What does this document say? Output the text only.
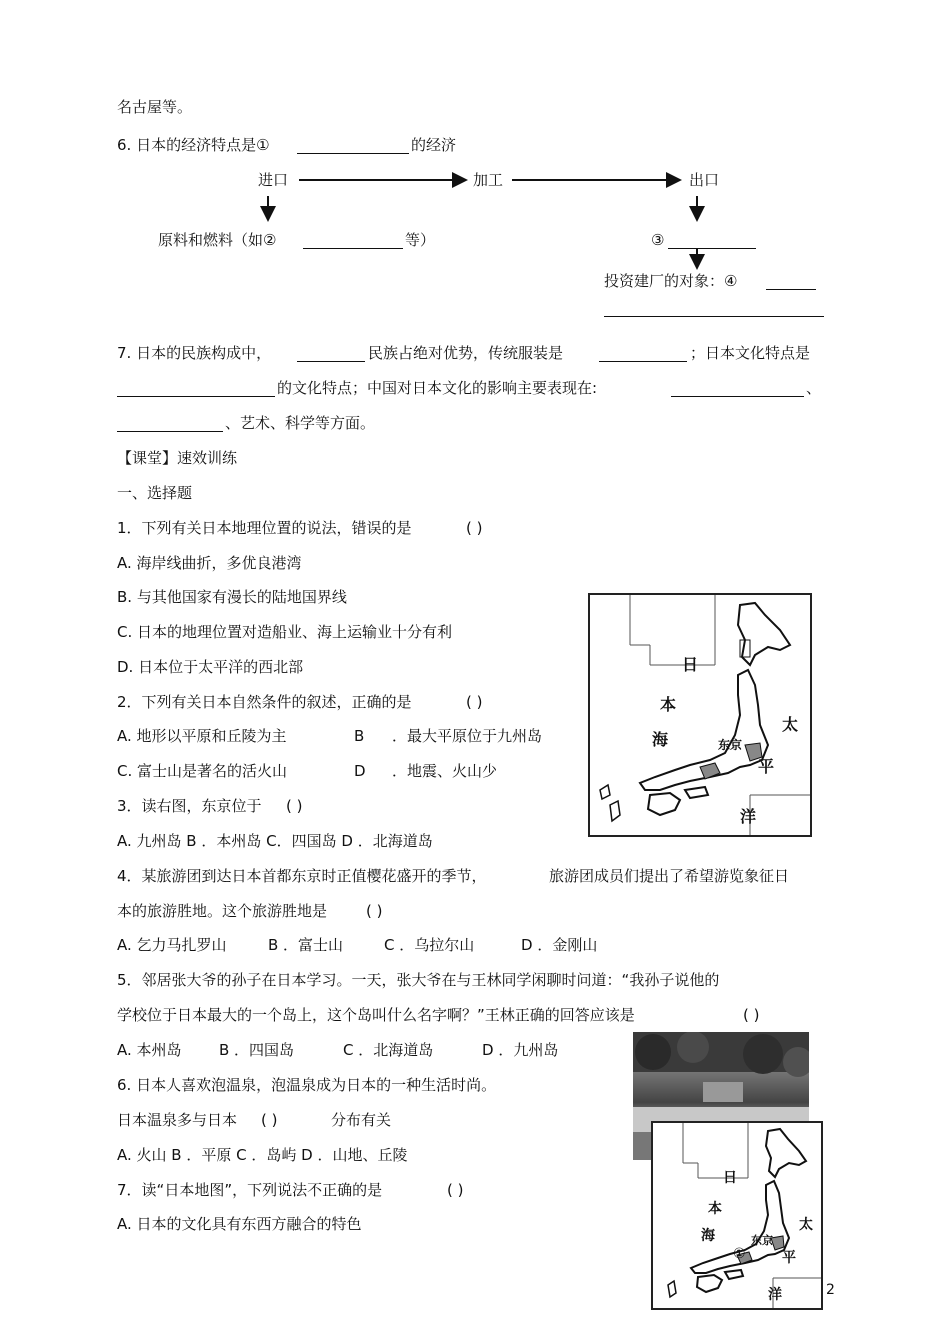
名古屋等。
6. 日本的经济特点是①	的经济
进口	加工	出口
原料和燃料（如②	等）	③
投资建厂的对象：④
7. 日本的民族构成中，	民族占绝对优势，传统服装是	；日本文化特点是
的文化特点；中国对日本文化的影响主要表现在:	、
、艺术、科学等方面。
【课堂】速效训练
一、选择题
1．下列有关日本地理位置的说法，错误的是	( )
A. 海岸线曲折，多优良港湾
B. 与其他国家有漫长的陆地国界线
C. 日本的地理位置对造船业、海上运输业十分有利
D. 日本位于太平洋的西北部
2．下列有关日本自然条件的叙述，正确的是	( )
A. 地形以平原和丘陵为主	B ．最大平原位于九州岛
C. 富士山是著名的活火山	D ．地震、火山少
3．读右图，东京位于 ( )
A. 九州岛 B ．本州岛 C．四国岛 D ．北海道岛
4．某旅游团到达日本首都东京时正值樱花盛开的季节，	旅游团成员们提出了希望游览象征日
本的旅游胜地。这个旅游胜地是	( )
A. 乞力马扎罗山	B ．富士山	C ．乌拉尔山	D ．金刚山
5．邻居张大爷的孙子在日本学习。一天，张大爷在与王林同学闲聊时问道：“我孙子说他的
学校位于日本最大的一个岛上，这个岛叫什么名字啊？”王林正确的回答应该是	( )
A. 本州岛 B ．四国岛	C ．北海道岛	D ．九州岛
6. 日本人喜欢泡温泉，泡温泉成为日本的一种生活时尚。
日本温泉多与日本 ( )	分布有关
A. 火山 B ．平原 C ．岛屿 D ．山地、丘陵
7．读“日本地图”，下列说法不正确的是	( )
A. 日本的文化具有东西方融合的特色
日
本
海
太
平
洋
东京
日
本
海
太
平
洋
东京
①
2
